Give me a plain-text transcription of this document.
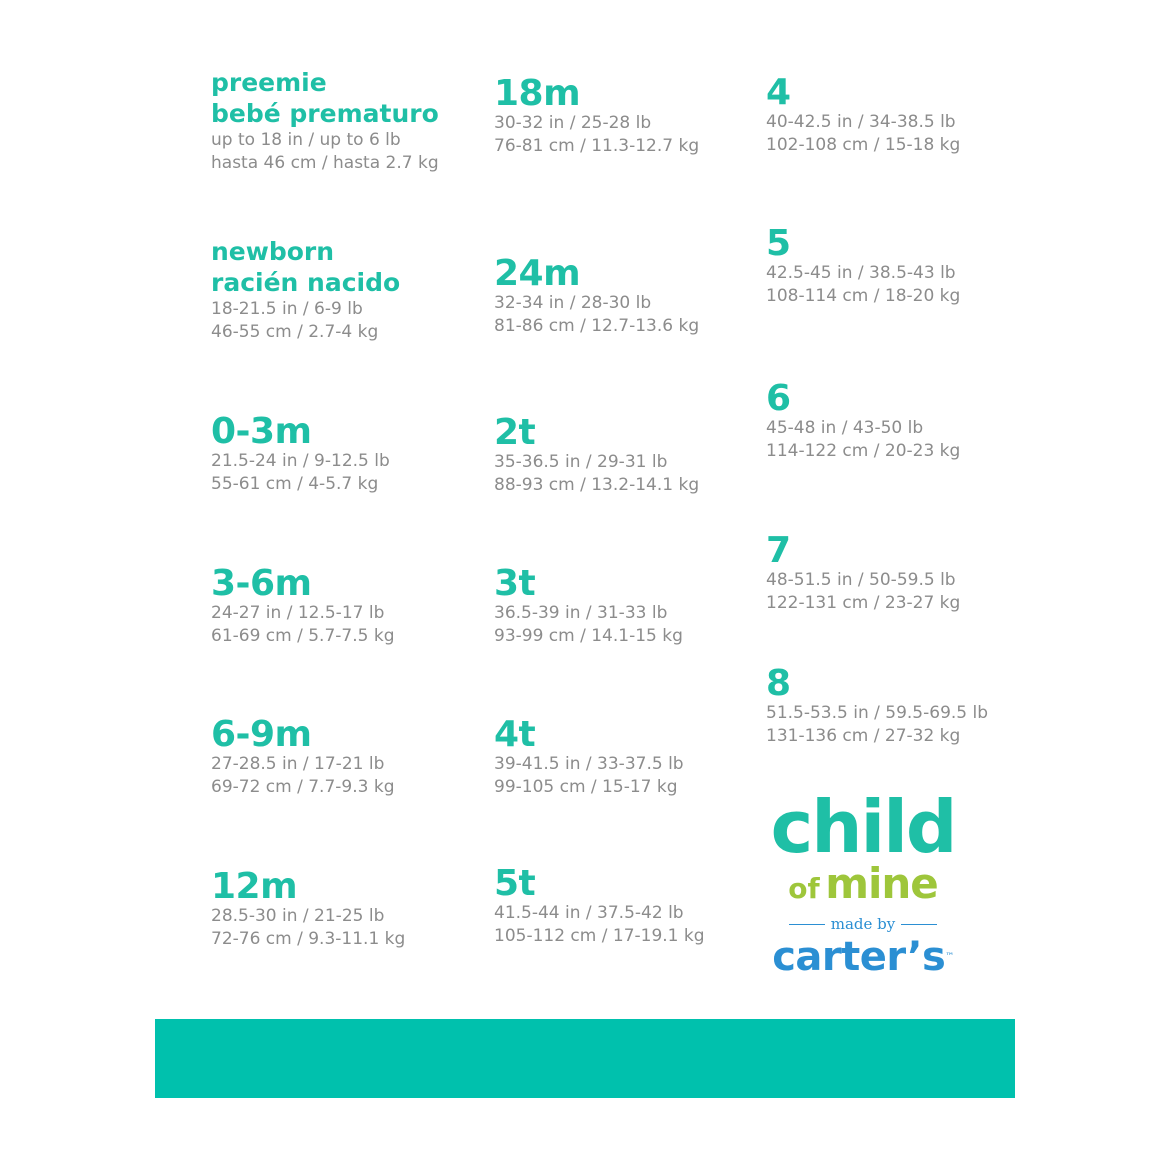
preemie
bebé prematuro
up to 18 in / up to 6 lb
hasta 46 cm / hasta 2.7 kg
newborn
racién nacido
18-21.5 in / 6-9 lb
46-55 cm / 2.7-4 kg
0-3m
21.5-24 in / 9-12.5 lb
55-61 cm / 4-5.7 kg
3-6m
24-27 in / 12.5-17 lb
61-69 cm / 5.7-7.5 kg
6-9m
27-28.5 in / 17-21 lb
69-72 cm / 7.7-9.3 kg
12m
28.5-30 in / 21-25 lb
72-76 cm / 9.3-11.1 kg
18m
30-32 in / 25-28 lb
76-81 cm / 11.3-12.7 kg
24m
32-34 in / 28-30 lb
81-86 cm / 12.7-13.6 kg
2t
35-36.5 in / 29-31 lb
88-93 cm / 13.2-14.1 kg
3t
36.5-39 in / 31-33 lb
93-99 cm / 14.1-15 kg
4t
39-41.5 in / 33-37.5 lb
99-105 cm / 15-17 kg
5t
41.5-44 in / 37.5-42 lb
105-112 cm / 17-19.1 kg
4
40-42.5 in / 34-38.5 lb
102-108 cm / 15-18 kg
5
42.5-45 in / 38.5-43 lb
108-114 cm / 18-20 kg
6
45-48 in / 43-50 lb
114-122 cm / 20-23 kg
7
48-51.5 in / 50-59.5 lb
122-131 cm / 23-27 kg
8
51.5-53.5 in / 59.5-69.5 lb
131-136 cm / 27-32 kg
child
of mine
made by
carter’s™
